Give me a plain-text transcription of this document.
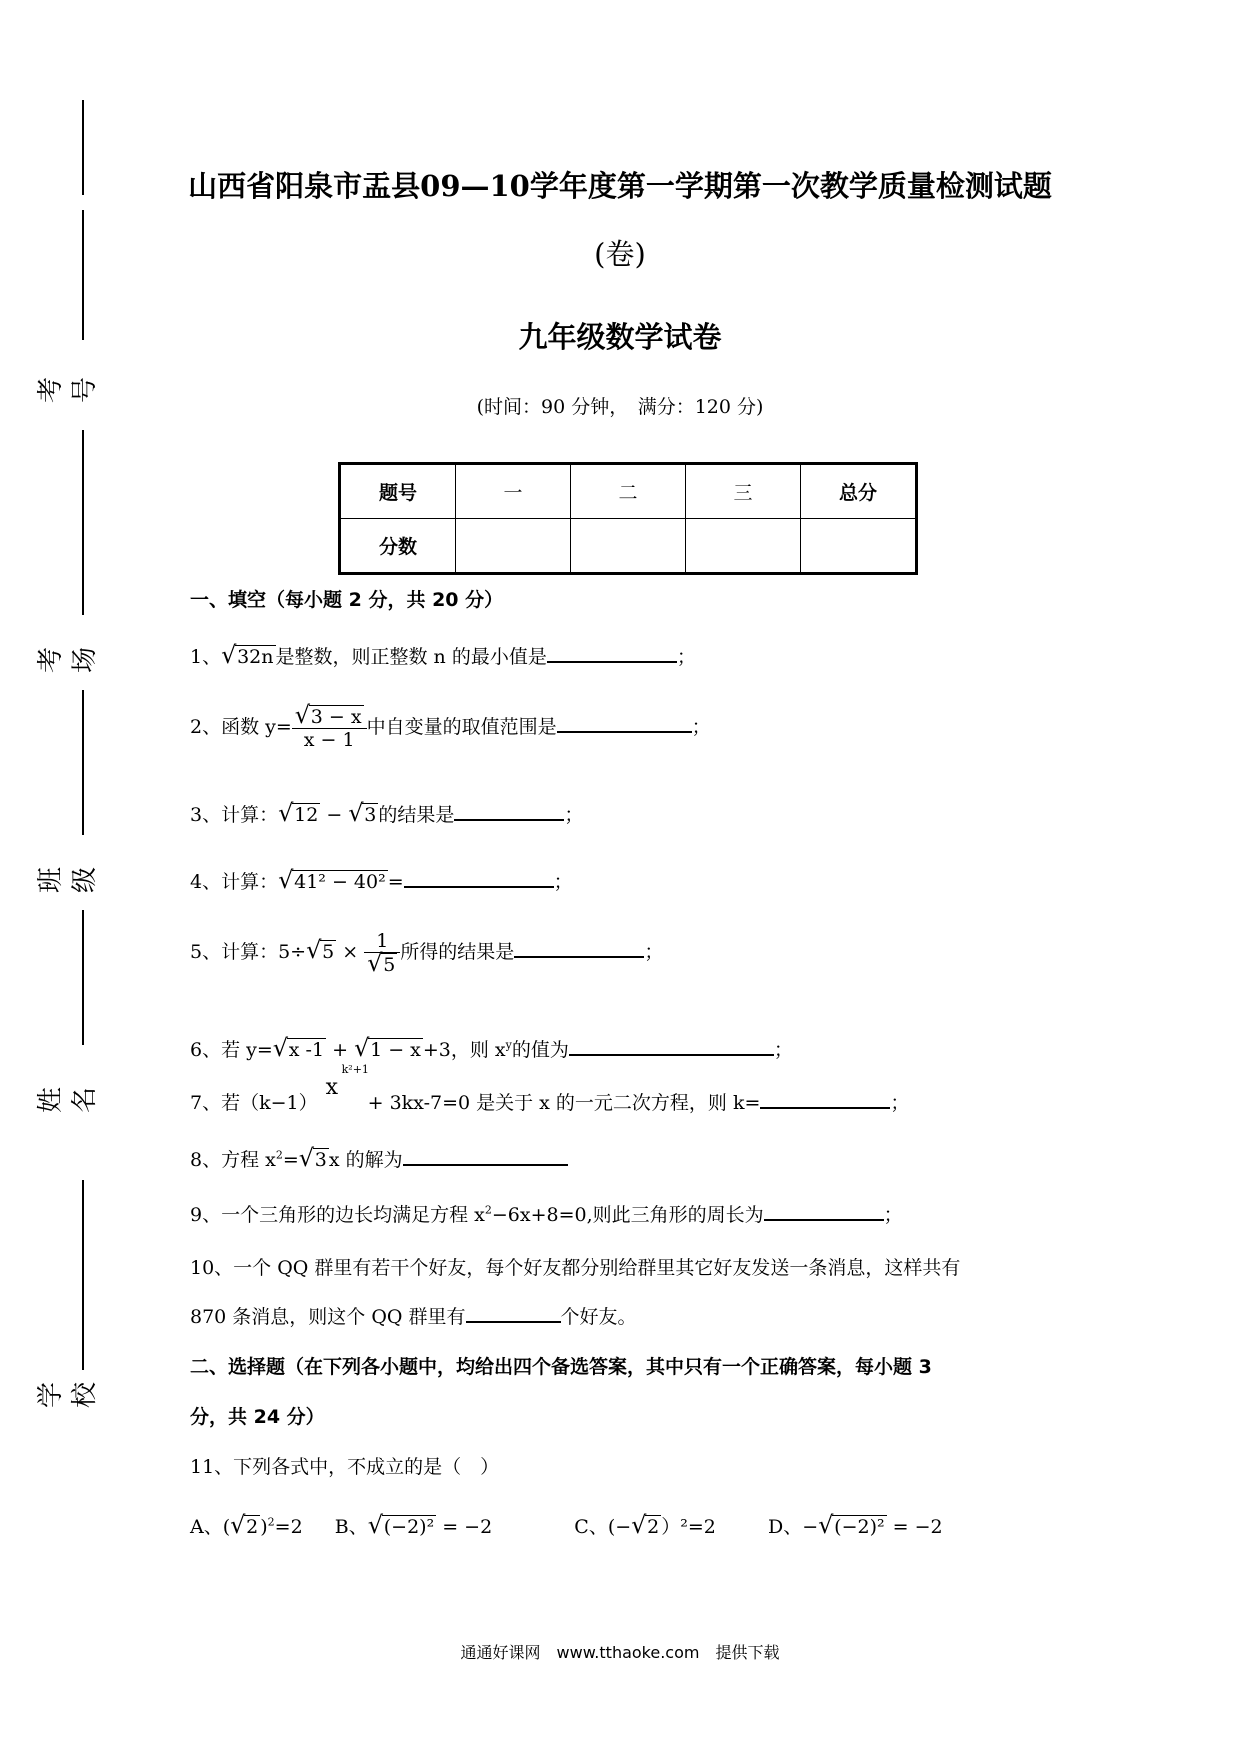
考号
考场
班级
姓名
学校
山西省阳泉市盂县09—10学年度第一学期第一次教学质量检测试题
(卷)
九年级数学试卷
(时间：90 分钟，　满分：120 分)
题号	一	二	三	总分
分数				
一、填空（每小题 2 分，共 20 分）
1、 √ 32n 是整数，则正整数 n 的最小值是	；
2、函数 y= √ $\frac{3 - x}{x - 1}$ 中自变量的取值范围是	；
3、计算： √ 12 − √ 3 的结果是	；
4、计算： √ 41² − 40² =	；
5、计算：5÷ √ 5 × 1
√ 5 所得的结果是	；
6、若 y= √ x -1 + √ 1 − x +3，则 $x^y$的值为	；
7、若（k−1）
x
k²+1
+ 3kx-7=0 是关于 x 的一元二次方程，则 k=	；
8、方程 $x^2=$ √ 3 x 的解为
9、一个三角形的边长均满足方程 $x^2-6x+8=0$,则此三角形的周长为	；
10、一个 QQ 群里有若干个好友，每个好友都分别给群里其它好友发送一条消息，这样共有
870 条消息，则这个 QQ 群里有	个好友。
二、选择题（在下列各小题中，均给出四个备选答案，其中只有一个正确答案，每小题 3
分，共 24 分）
11、下列各式中，不成立的是（　）
A、( √ 2 )$^2$=2 B、 √ (−2)² = −2	C、(− √ 2 ）²=2	D、− √ (−2)² = −2
通通好课网　www.tthaoke.com　提供下载
